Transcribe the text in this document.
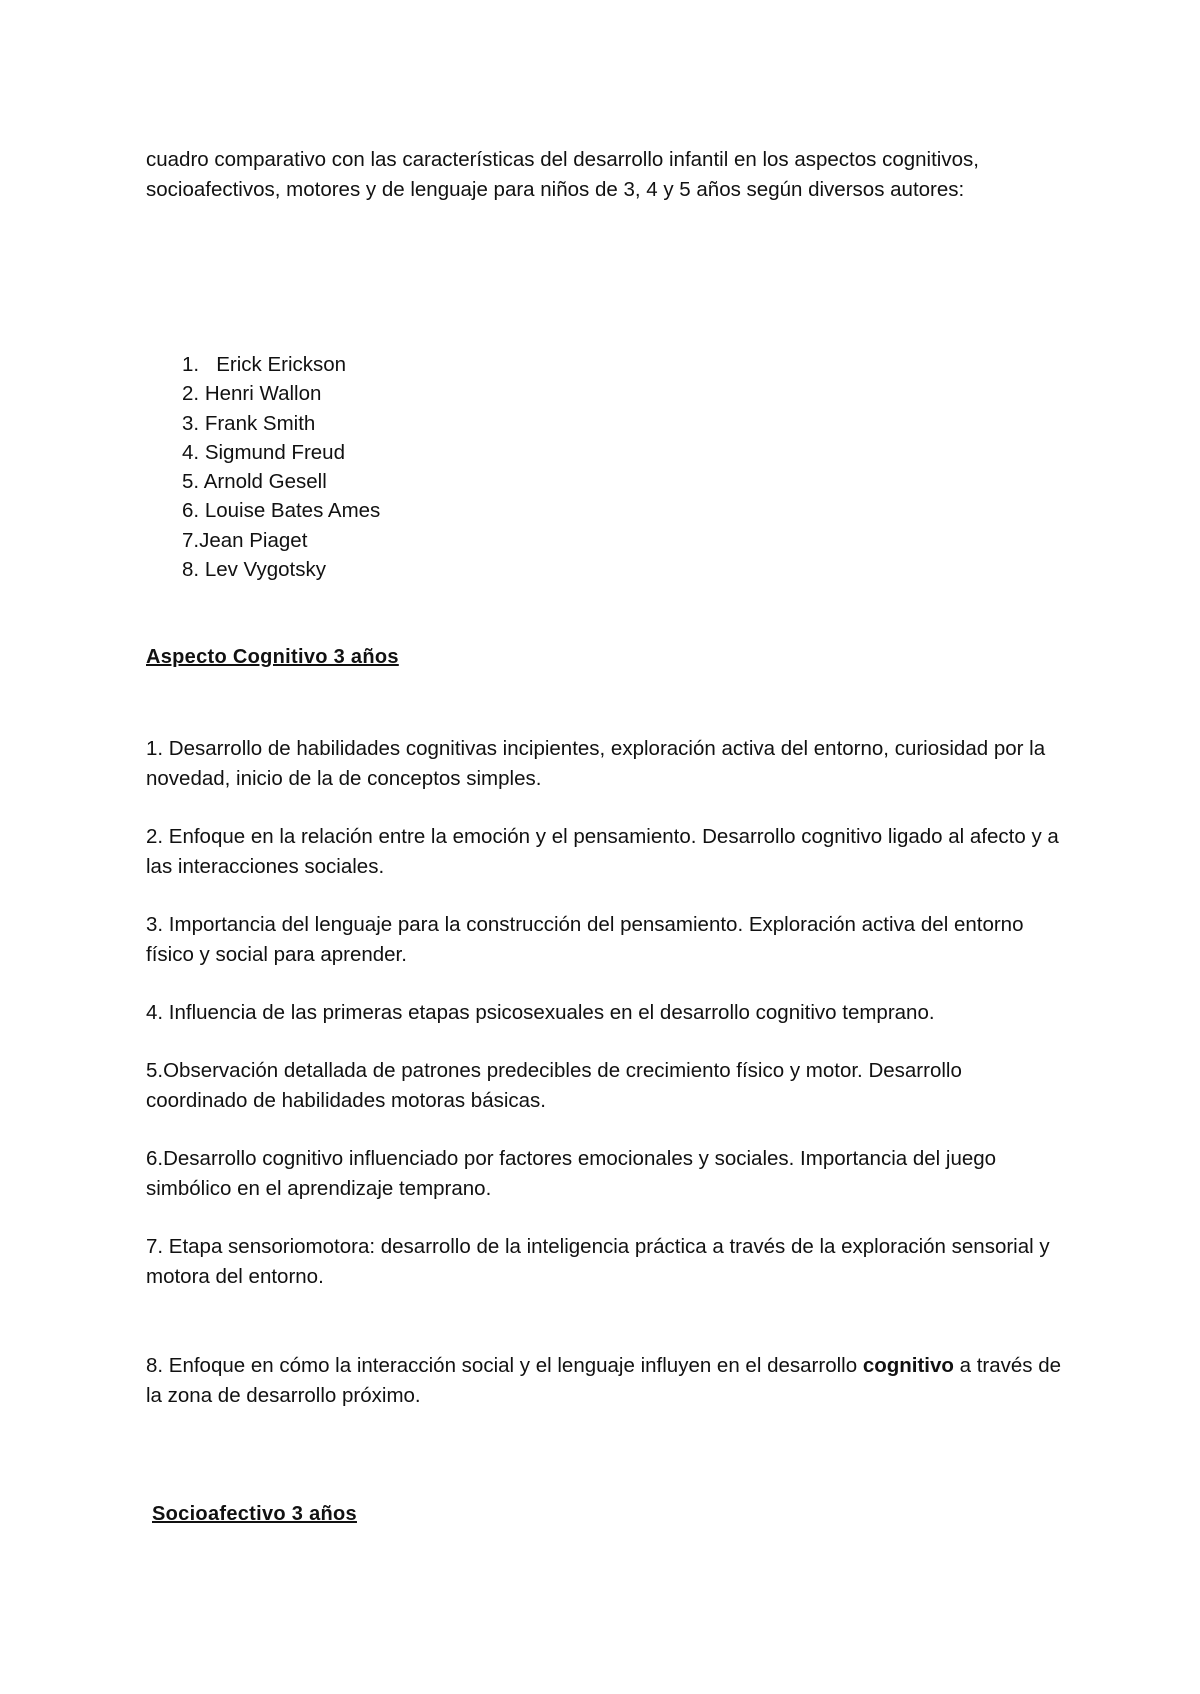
cuadro comparativo con las características del desarrollo infantil en los aspectos cognitivos, socioafectivos, motores y de lenguaje para niños de 3, 4 y 5 años según diversos autores:

1. Erick Erickson
2. Henri Wallon
3. Frank Smith
4. Sigmund Freud
5. Arnold Gesell
6. Louise Bates Ames
7.Jean Piaget
8. Lev Vygotsky

Aspecto Cognitivo 3 años

1. Desarrollo de habilidades cognitivas incipientes, exploración activa del entorno, curiosidad por la novedad, inicio de la de conceptos simples.

2. Enfoque en la relación entre la emoción y el pensamiento. Desarrollo cognitivo ligado al afecto y a las interacciones sociales.

3. Importancia del lenguaje para la construcción del pensamiento. Exploración activa del entorno físico y social para aprender.

4. Influencia de las primeras etapas psicosexuales en el desarrollo cognitivo temprano.

5.Observación detallada de patrones predecibles de crecimiento físico y motor. Desarrollo coordinado de habilidades motoras básicas.

6.Desarrollo cognitivo influenciado por factores emocionales y sociales. Importancia del juego simbólico en el aprendizaje temprano.

7. Etapa sensoriomotora: desarrollo de la inteligencia práctica a través de la exploración sensorial y motora del entorno.

8. Enfoque en cómo la interacción social y el lenguaje influyen en el desarrollo cognitivo a través de la zona de desarrollo próximo.

Socioafectivo 3 años
